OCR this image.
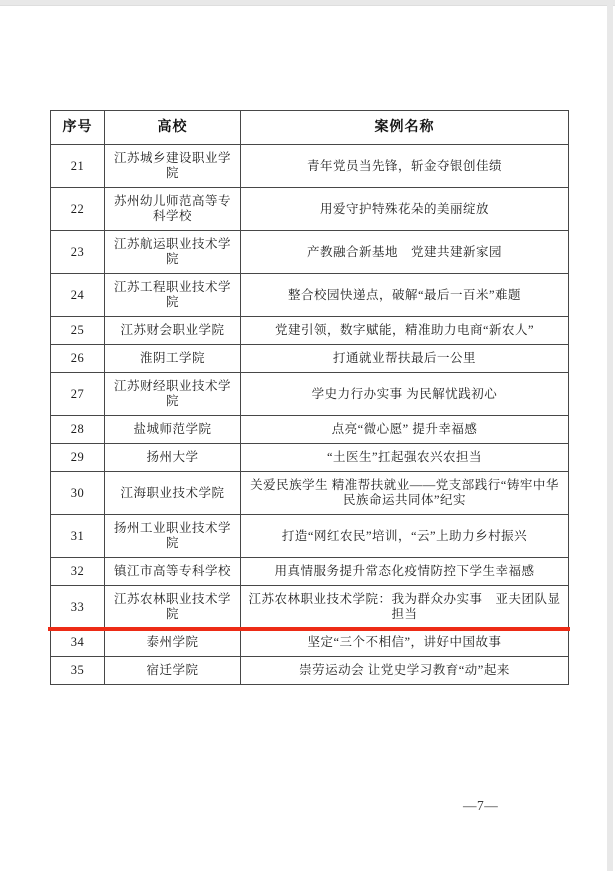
序号	高校	案例名称
21	江苏城乡建设职业学院	青年党员当先锋，斩金夺银创佳绩
22	苏州幼儿师范高等专科学校	用爱守护特殊花朵的美丽绽放
23	江苏航运职业技术学院	产教融合新基地　党建共建新家园
24	江苏工程职业技术学院	整合校园快递点，破解“最后一百米”难题
25	江苏财会职业学院	党建引领，数字赋能，精准助力电商“新农人”
26	淮阴工学院	打通就业帮扶最后一公里
27	江苏财经职业技术学院	学史力行办实事 为民解忧践初心
28	盐城师范学院	点亮“微心愿” 提升幸福感
29	扬州大学	“土医生”扛起强农兴农担当
30	江海职业技术学院	关爱民族学生 精准帮扶就业——党支部践行“铸牢中华民族命运共同体”纪实
31	扬州工业职业技术学院	打造“网红农民”培训，“云”上助力乡村振兴
32	镇江市高等专科学校	用真情服务提升常态化疫情防控下学生幸福感
33	江苏农林职业技术学院	江苏农林职业技术学院：我为群众办实事　亚夫团队显担当
34	泰州学院	坚定“三个不相信”，讲好中国故事
35	宿迁学院	崇劳运动会 让党史学习教育“动”起来
—7—
